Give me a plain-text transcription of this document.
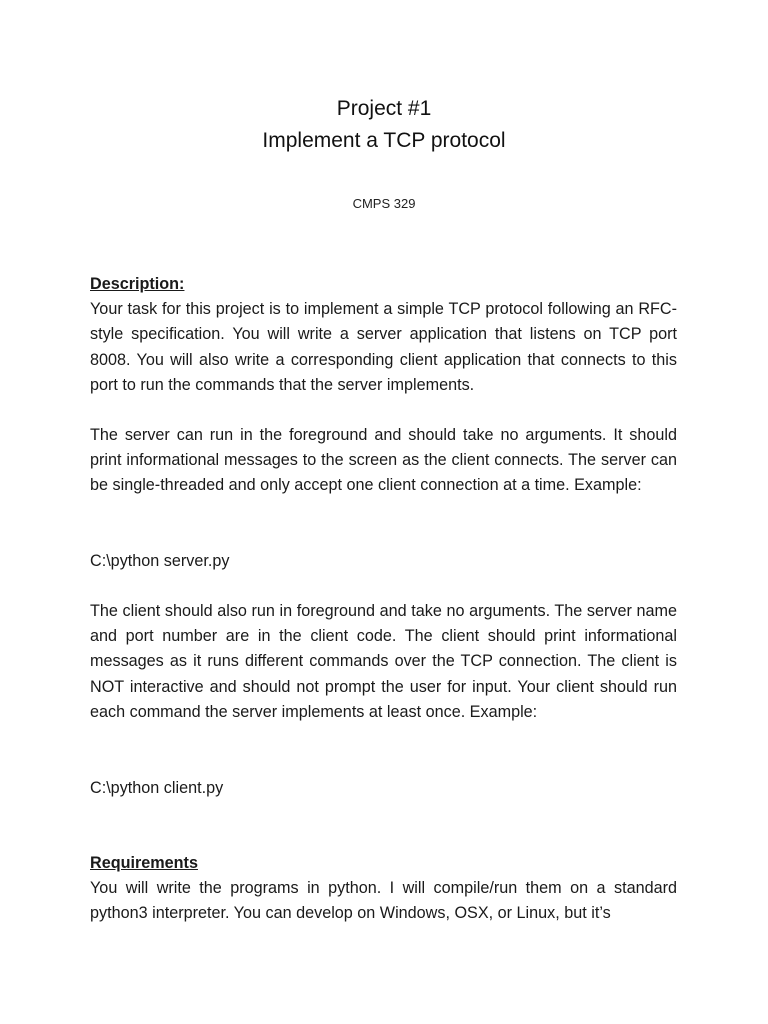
Project #1
Implement a TCP protocol
CMPS 329
Description:
Your task for this project is to implement a simple TCP protocol following an RFC-style specification. You will write a server application that listens on TCP port 8008. You will also write a corresponding client application that connects to this port to run the commands that the server implements.
The server can run in the foreground and should take no arguments. It should print informational messages to the screen as the client connects. The server can be single-threaded and only accept one client connection at a time. Example:
C:\python server.py
The client should also run in foreground and take no arguments. The server name and port number are in the client code. The client should print informational messages as it runs different commands over the TCP connection. The client is NOT interactive and should not prompt the user for input. Your client should run each command the server implements at least once. Example:
C:\python client.py
Requirements
You will write the programs in python. I will compile/run them on a standard python3 interpreter. You can develop on Windows, OSX, or Linux, but it’s
